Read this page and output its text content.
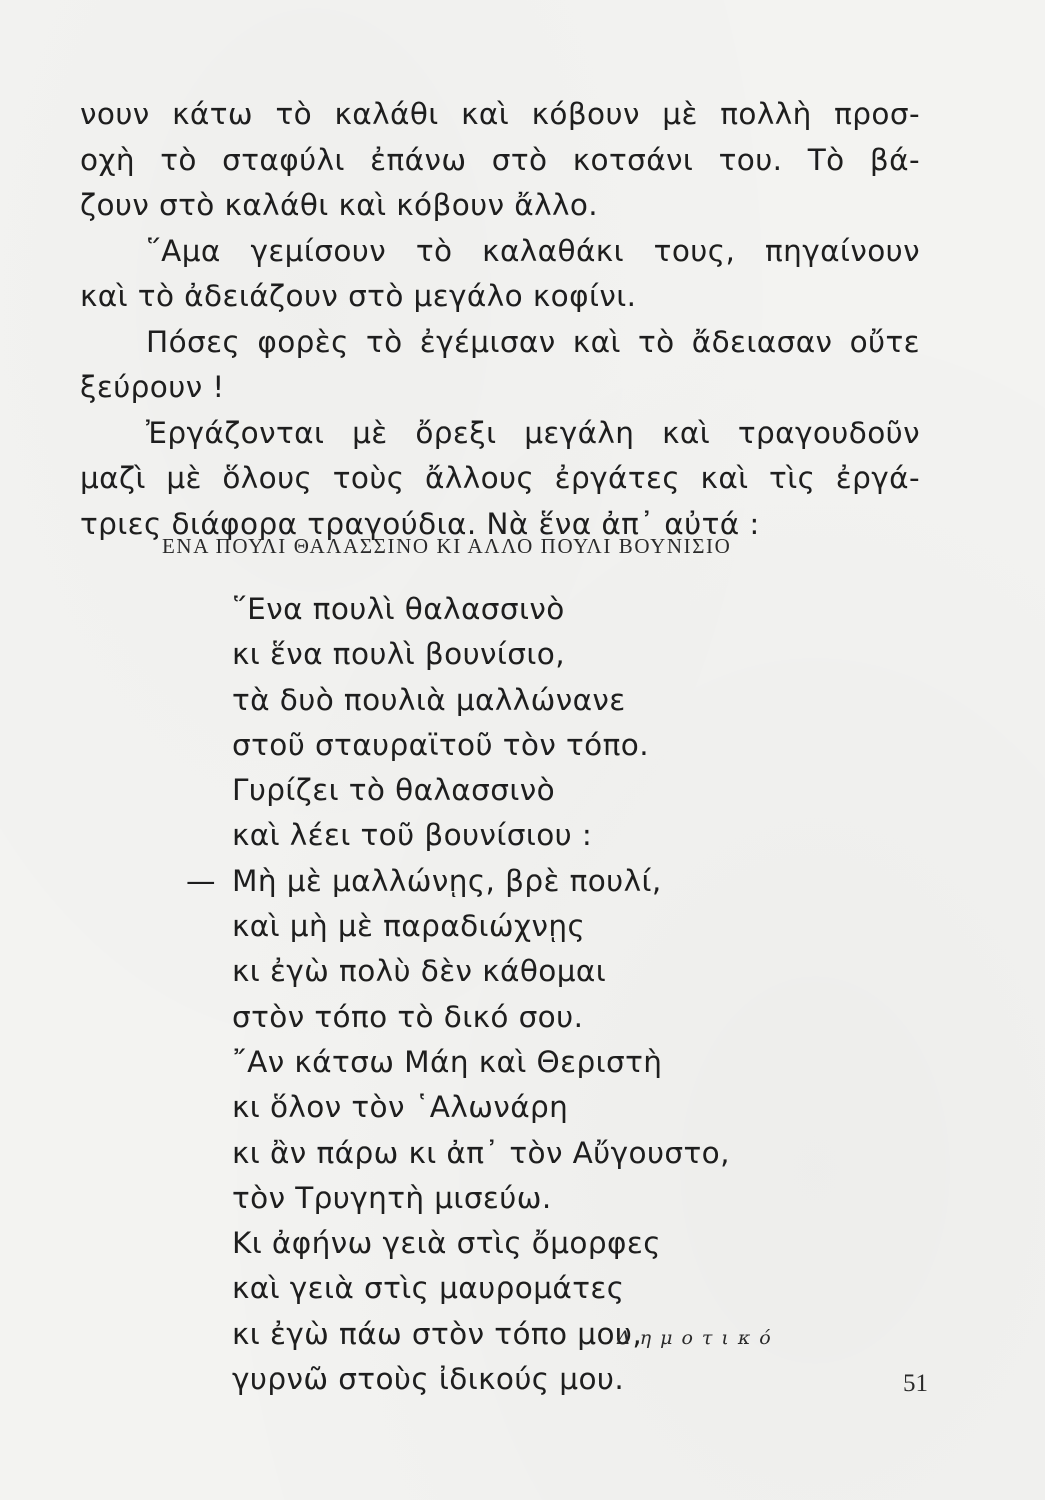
νουν κάτω τὸ καλάθι καὶ κόβουν μὲ πολλὴ προσ-
οχὴ τὸ σταφύλι ἐπάνω στὸ κοτσάνι του. Τὸ βά-
ζουν στὸ καλάθι καὶ κόβουν ἄλλο.
῞Αμα γεμίσουν τὸ καλαθάκι τους, πηγαίνουν
καὶ τὸ ἀδειάζουν στὸ μεγάλο κοφίνι.
Πόσες φορὲς τὸ ἐγέμισαν καὶ τὸ ἄδειασαν οὔτε
ξεύρουν !
Ἐργάζονται μὲ ὄρεξι μεγάλη καὶ τραγουδοῦν
μαζὶ μὲ ὅλους τοὺς ἄλλους ἐργάτες καὶ τὶς ἐργά-
τριες διάφορα τραγούδια. Νὰ ἕνα ἀπ᾿ αὐτά :
ΕΝΑ ΠΟΥΛΙ ΘΑΛΑΣΣΙΝΟ ΚΙ ΑΛΛΟ ΠΟΥΛΙ ΒΟΥΝΙΣΙΟ
῞Ενα πουλὶ θαλασσινὸ
κι ἕνα πουλὶ βουνίσιο,
τὰ δυὸ πουλιὰ μαλλώνανε
στοῦ σταυραϊτοῦ τὸν τόπο.
Γυρίζει τὸ θαλασσινὸ
καὶ λέει τοῦ βουνίσιου :
— Μὴ μὲ μαλλώνῃς, βρὲ πουλί,
καὶ μὴ μὲ παραδιώχνῃς
κι ἐγὼ πολὺ δὲν κάθομαι
στὸν τόπο τὸ δικό σου.
῎Αν κάτσω Μάη καὶ Θεριστὴ
κι ὅλον τὸν ῾Αλωνάρη
κι ἂν πάρω κι ἀπ᾿ τὸν Αὔγουστο,
τὸν Τρυγητὴ μισεύω.
Κι ἀφήνω γειὰ στὶς ὄμορφες
καὶ γειὰ στὶς μαυρομάτες
κι ἐγὼ πάω στὸν τόπο μου,
γυρνῶ στοὺς ἰδικούς μου.
Δημοτικό
51
